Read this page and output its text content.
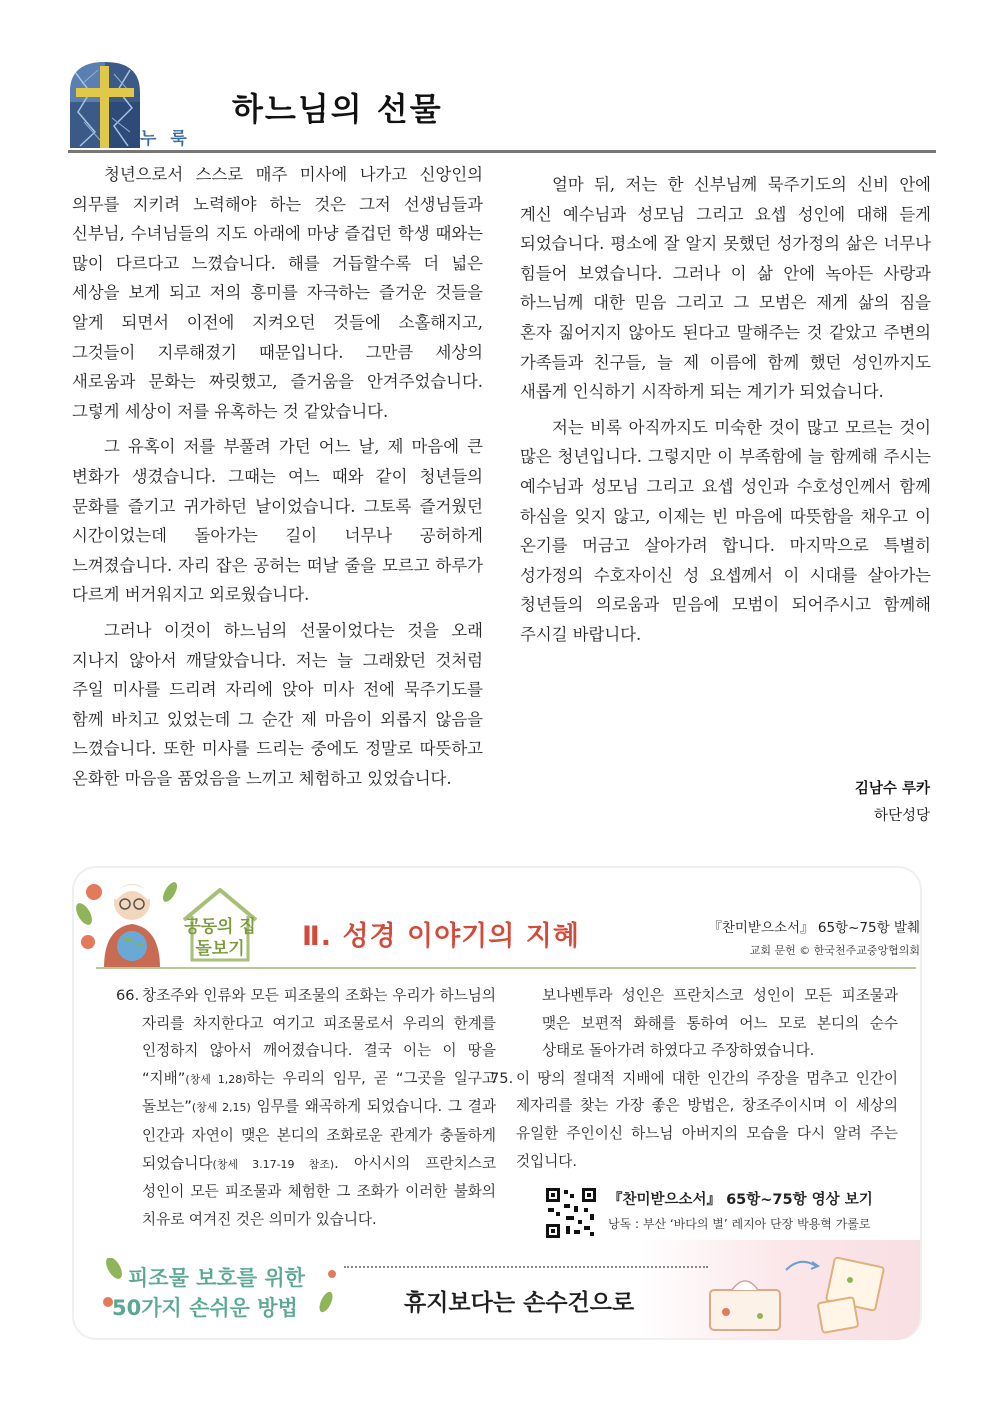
누 룩
하느님의 선물

청년으로서 스스로 매주 미사에 나가고 신앙인의 의무를 지키려 노력해야 하는 것은 그저 선생님들과 신부님, 수녀님들의 지도 아래에 마냥 즐겁던 학생 때와는 많이 다르다고 느꼈습니다. 해를 거듭할수록 더 넓은 세상을 보게 되고 저의 흥미를 자극하는 즐거운 것들을 알게 되면서 이전에 지켜오던 것들에 소홀해지고, 그것들이 지루해졌기 때문입니다. 그만큼 세상의 새로움과 문화는 짜릿했고, 즐거움을 안겨주었습니다. 그렇게 세상이 저를 유혹하는 것 같았습니다.

그 유혹이 저를 부풀려 가던 어느 날, 제 마음에 큰 변화가 생겼습니다. 그때는 여느 때와 같이 청년들의 문화를 즐기고 귀가하던 날이었습니다. 그토록 즐거웠던 시간이었는데 돌아가는 길이 너무나 공허하게 느껴졌습니다. 자리 잡은 공허는 떠날 줄을 모르고 하루가 다르게 버거워지고 외로웠습니다.

그러나 이것이 하느님의 선물이었다는 것을 오래 지나지 않아서 깨달았습니다. 저는 늘 그래왔던 것처럼 주일 미사를 드리려 자리에 앉아 미사 전에 묵주기도를 함께 바치고 있었는데 그 순간 제 마음이 외롭지 않음을 느꼈습니다. 또한 미사를 드리는 중에도 정말로 따뜻하고 온화한 마음을 품었음을 느끼고 체험하고 있었습니다.

얼마 뒤, 저는 한 신부님께 묵주기도의 신비 안에 계신 예수님과 성모님 그리고 요셉 성인에 대해 듣게 되었습니다. 평소에 잘 알지 못했던 성가정의 삶은 너무나 힘들어 보였습니다. 그러나 이 삶 안에 녹아든 사랑과 하느님께 대한 믿음 그리고 그 모범은 제게 삶의 짐을 혼자 짊어지지 않아도 된다고 말해주는 것 같았고 주변의 가족들과 친구들, 늘 제 이름에 함께 했던 성인까지도 새롭게 인식하기 시작하게 되는 계기가 되었습니다.

저는 비록 아직까지도 미숙한 것이 많고 모르는 것이 많은 청년입니다. 그렇지만 이 부족함에 늘 함께해 주시는 예수님과 성모님 그리고 요셉 성인과 수호성인께서 함께 하심을 잊지 않고, 이제는 빈 마음에 따뜻함을 채우고 이 온기를 머금고 살아가려 합니다. 마지막으로 특별히 성가정의 수호자이신 성 요셉께서 이 시대를 살아가는 청년들의 의로움과 믿음에 모범이 되어주시고 함께해 주시길 바랍니다.

김남수 루카
하단성당
공동의 집
돌보기	Ⅱ. 성경 이야기의 지혜	『찬미받으소서』 65항~75항 발췌
교회 문헌 © 한국천주교중앙협의회
66. 창조주와 인류와 모든 피조물의 조화는 우리가 하느님의 자리를 차지한다고 여기고 피조물로서 우리의 한계를 인정하지 않아서 깨어졌습니다. 결국 이는 이 땅을 “지배”(창세 1,28)하는 우리의 임무, 곧 “그곳을 일구고 돌보는”(창세 2,15) 임무를 왜곡하게 되었습니다. 그 결과 인간과 자연이 맺은 본디의 조화로운 관계가 충돌하게 되었습니다(창세 3.17-19 참조). 아시시의 프란치스코 성인이 모든 피조물과 체험한 그 조화가 이러한 불화의 치유로 여겨진 것은 의미가 있습니다.
보나벤투라 성인은 프란치스코 성인이 모든 피조물과 맺은 보편적 화해를 통하여 어느 모로 본디의 순수 상태로 돌아가려 하였다고 주장하였습니다.
75. 이 땅의 절대적 지배에 대한 인간의 주장을 멈추고 인간이 제자리를 찾는 가장 좋은 방법은, 창조주이시며 이 세상의 유일한 주인이신 하느님 아버지의 모습을 다시 알려 주는 것입니다.
『찬미받으소서』 65항~75항 영상 보기
낭독 : 부산 ‘바다의 별’ 레지아 단장 박용혁 가롤로
피조물 보호를 위한
50가지 손쉬운 방법	휴지보다는 손수건으로
